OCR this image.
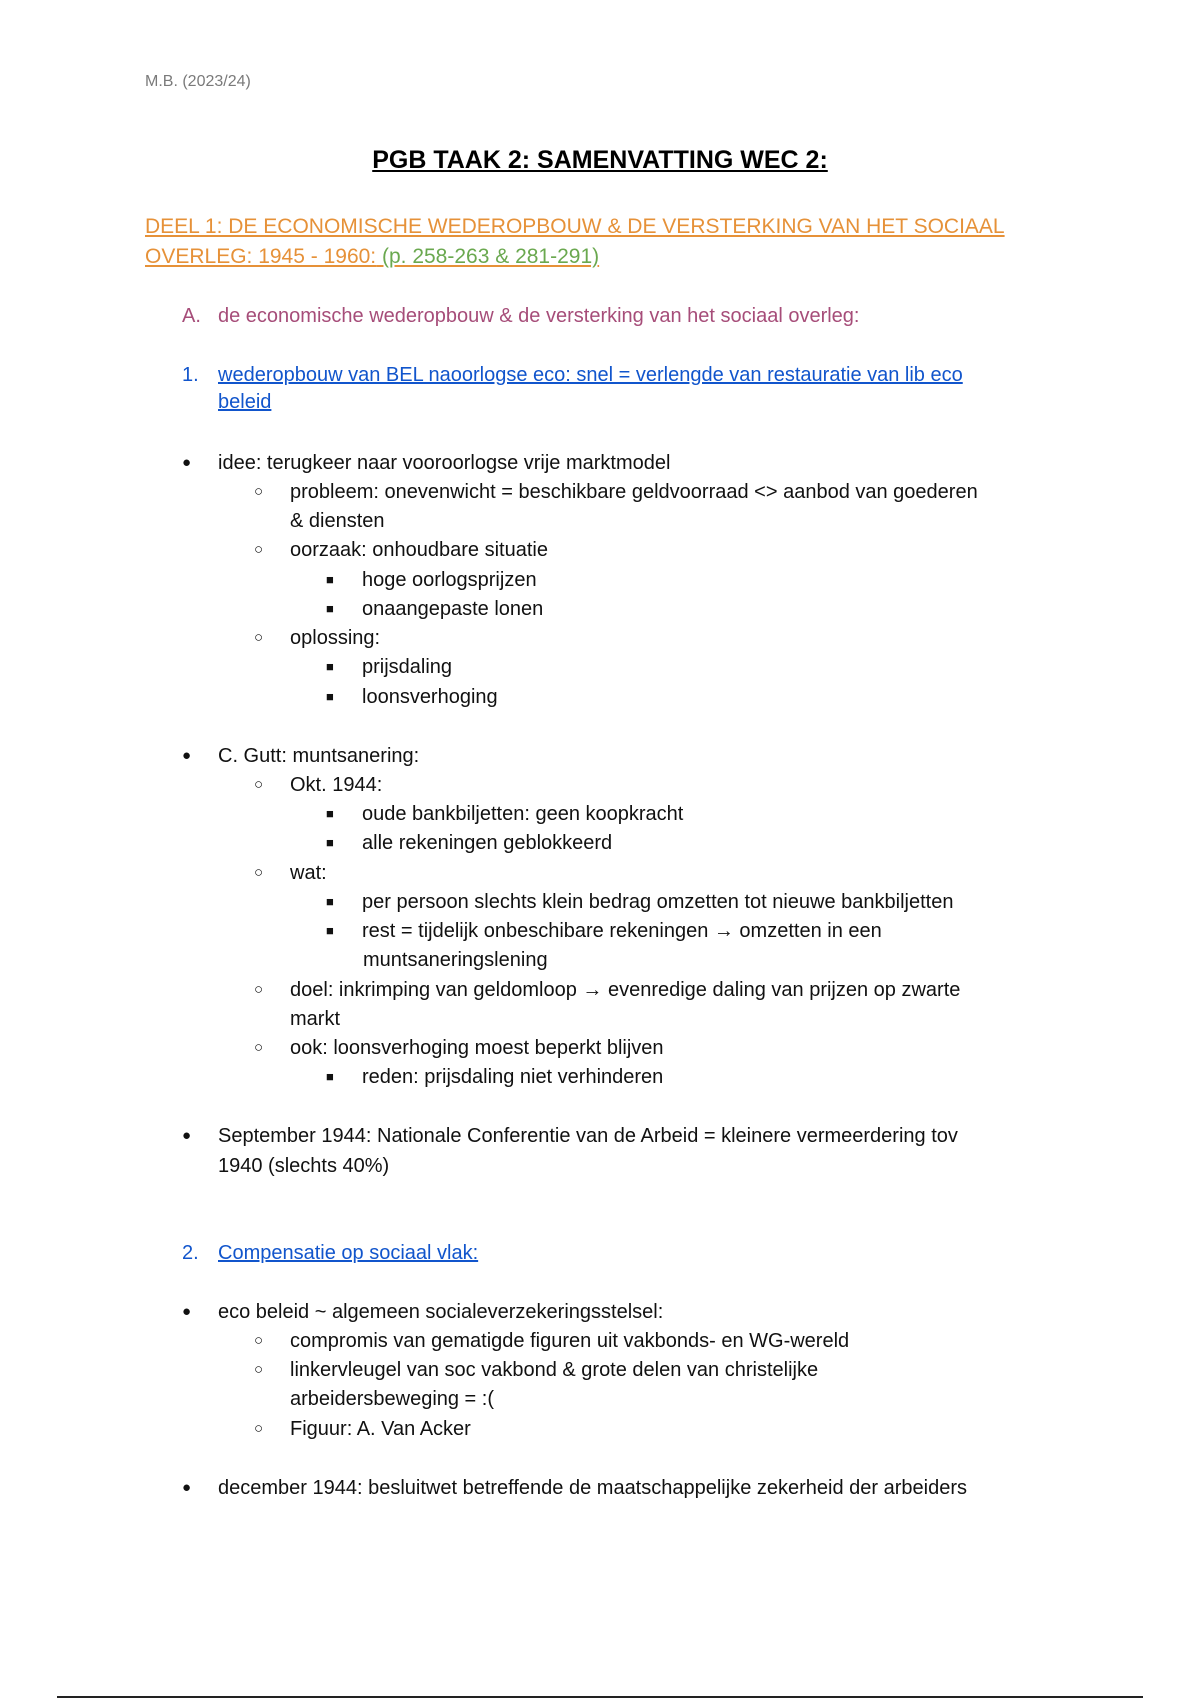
M.B. (2023/24)
PGB TAAK 2: SAMENVATTING WEC 2:
DEEL 1: DE ECONOMISCHE WEDEROPBOUW & DE VERSTERKING VAN HET SOCIAAL
OVERLEG: 1945 - 1960: (p. 258-263 & 281-291)
A. de economische wederopbouw & de versterking van het sociaal overleg:
1. wederopbouw van BEL naoorlogse eco: snel = verlengde van restauratie van lib eco
beleid
●idee: terugkeer naar vooroorlogse vrije marktmodel
○probleem: onevenwicht = beschikbare geldvoorraad <> aanbod van goederen
& diensten
○oorzaak: onhoudbare situatie
■hoge oorlogsprijzen
■onaangepaste lonen
○oplossing:
■prijsdaling
■loonsverhoging
●C. Gutt: muntsanering:
○Okt. 1944:
■oude bankbiljetten: geen koopkracht
■alle rekeningen geblokkeerd
○wat:
■per persoon slechts klein bedrag omzetten tot nieuwe bankbiljetten
■rest = tijdelijk onbeschibare rekeningen → omzetten in een
muntsaneringslening
○doel: inkrimping van geldomloop → evenredige daling van prijzen op zwarte
markt
○ook: loonsverhoging moest beperkt blijven
■reden: prijsdaling niet verhinderen
●September 1944: Nationale Conferentie van de Arbeid = kleinere vermeerdering tov
1940 (slechts 40%)
2. Compensatie op sociaal vlak:
●eco beleid ~ algemeen socialeverzekeringsstelsel:
○compromis van gematigde figuren uit vakbonds- en WG-wereld
○linkervleugel van soc vakbond & grote delen van christelijke
arbeidersbeweging = :(
○Figuur: A. Van Acker
●december 1944: besluitwet betreffende de maatschappelijke zekerheid der arbeiders
